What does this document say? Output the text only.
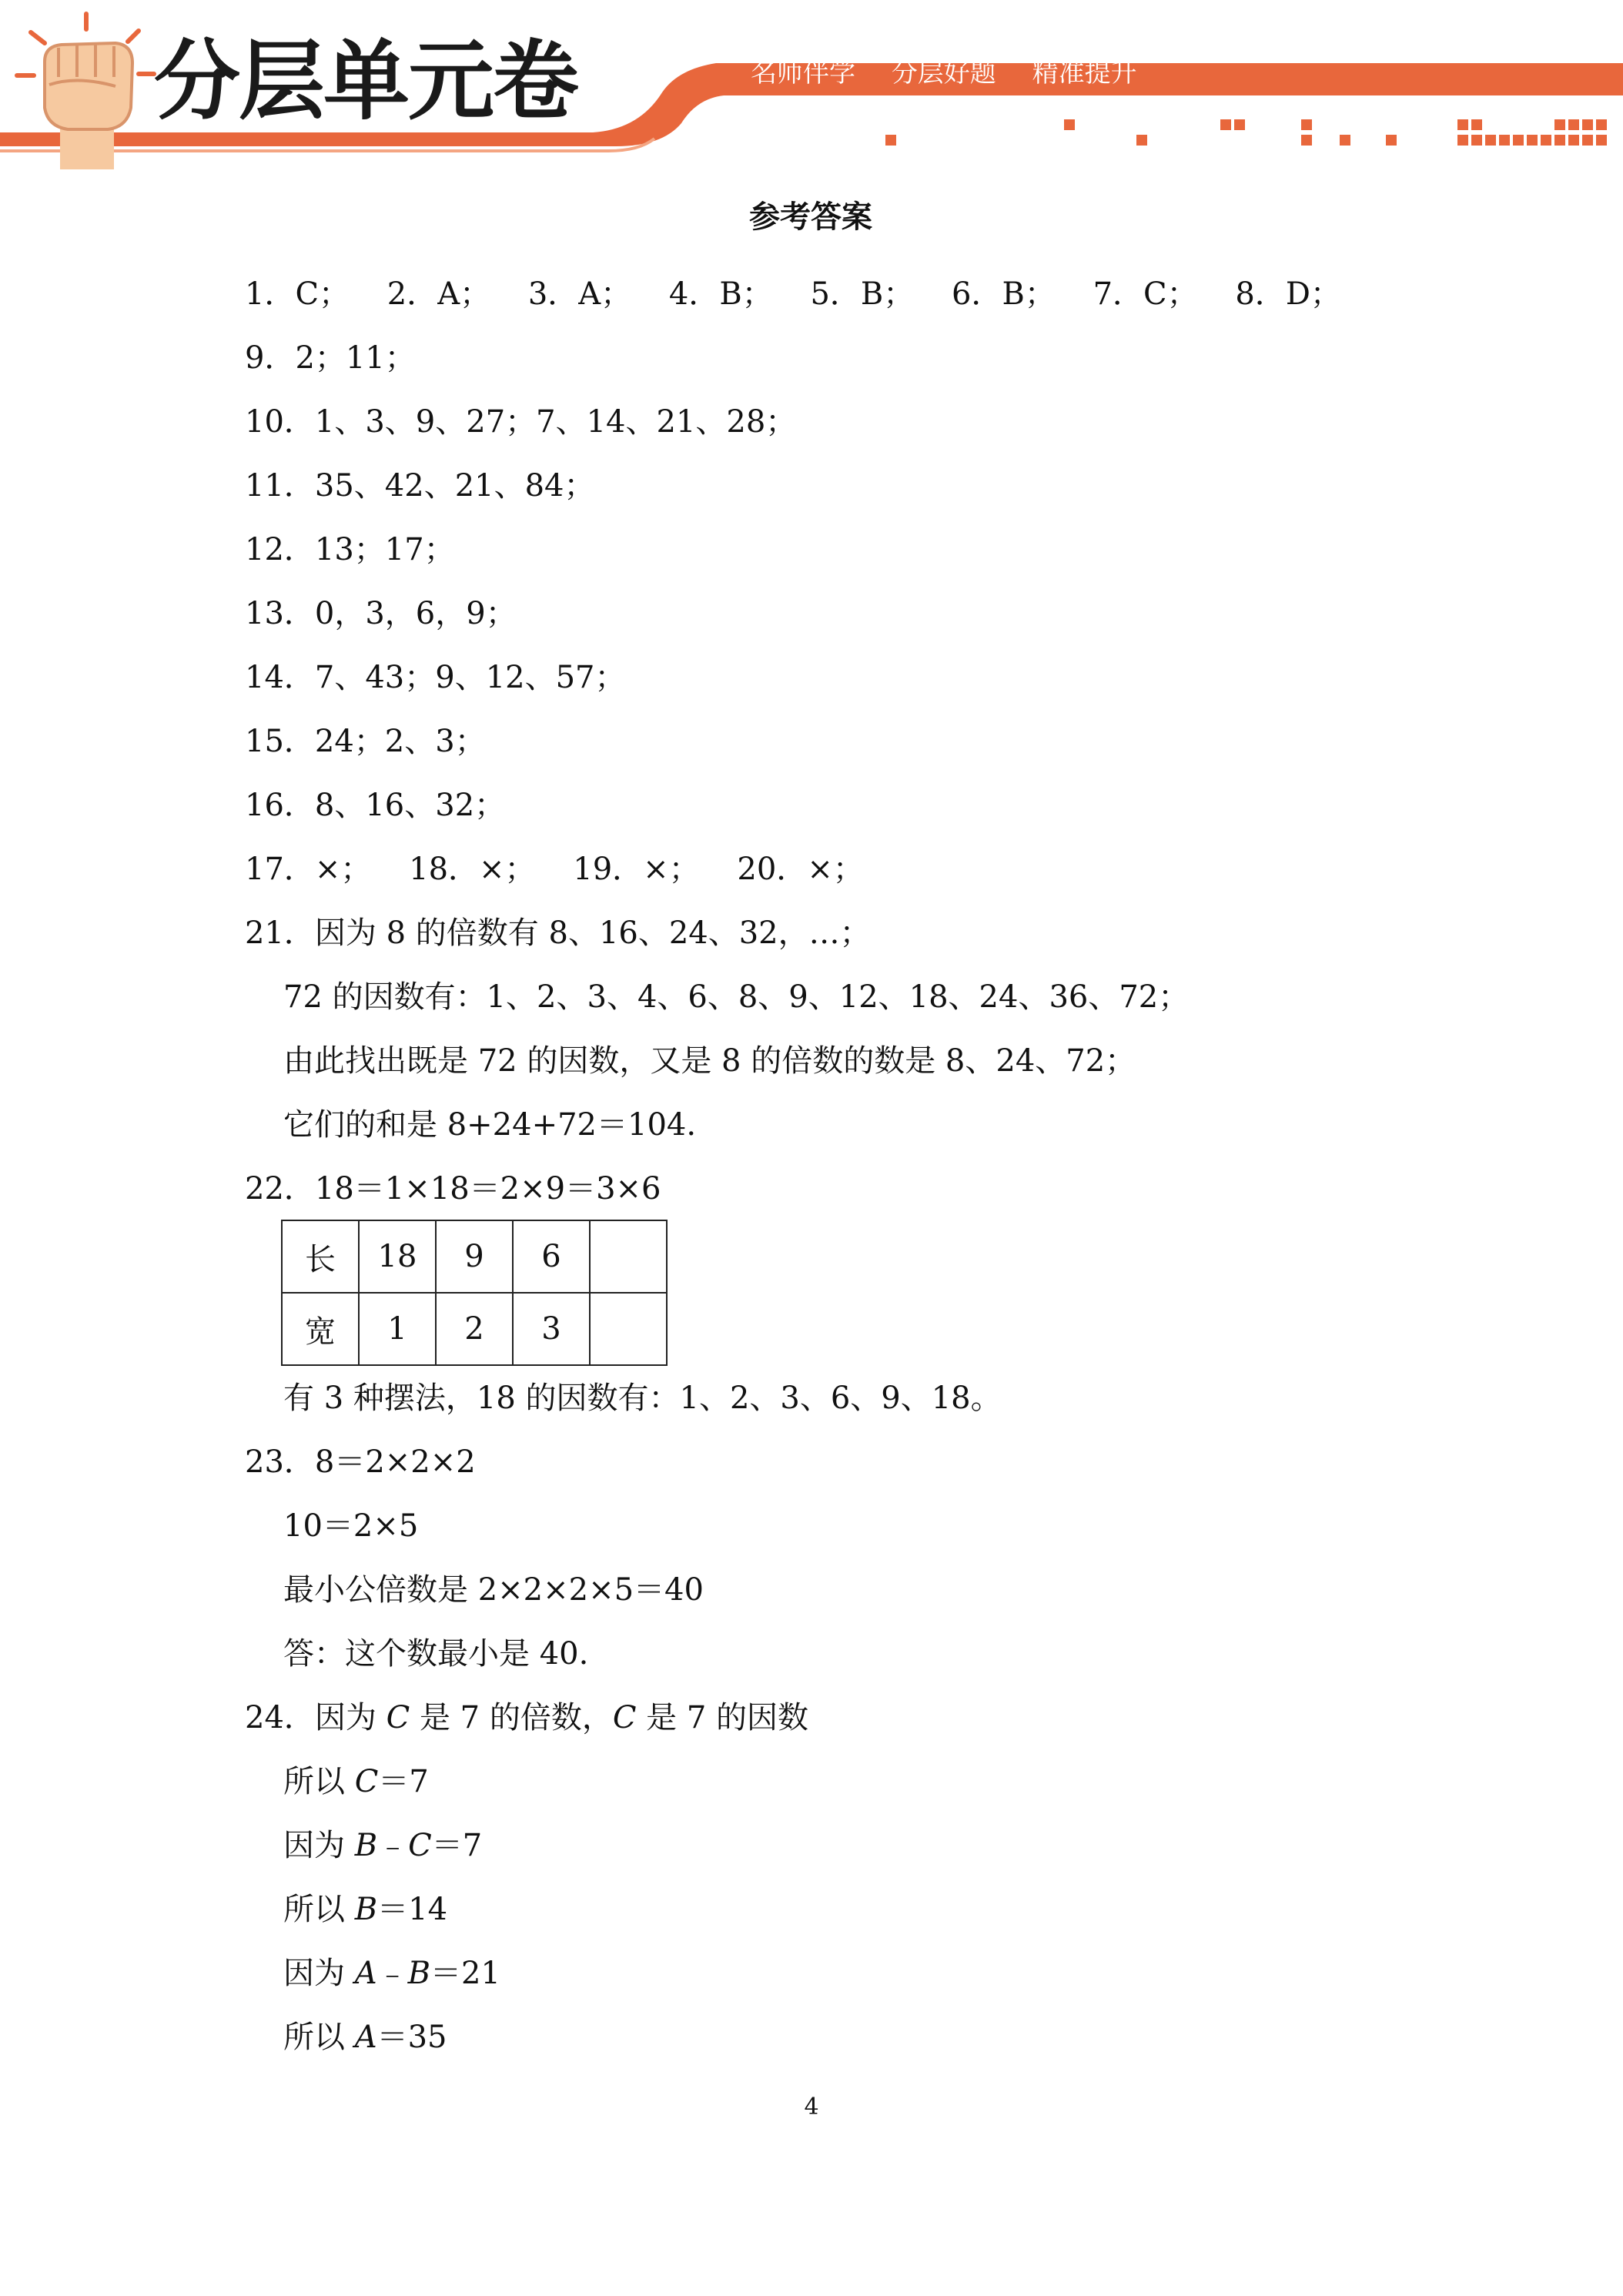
分层单元卷	名师伴学 分层好题 精准提升
参考答案
1．C； 2．A； 3．A； 4．B； 5．B； 6．B； 7．C； 8．D；
9．2；11；
10．1、3、9、27；7、14、21、28；
11．35、42、21、84；
12．13；17；
13．0，3，6，9；
14．7、43；9、12、57；
15．24；2、3；
16．8、16、32；
17．×； 18．×； 19．×； 20．×；
21．因为 8 的倍数有 8、16、24、32，…；
72 的因数有：1、2、3、4、6、8、9、12、18、24、36、72；
由此找出既是 72 的因数，又是 8 的倍数的数是 8、24、72；
它们的和是 8+24+72＝104.
22．18＝1×18＝2×9＝3×6
长	18	9	6	
宽	1	2	3	
有 3 种摆法，18 的因数有：1、2、3、6、9、18。
23．8＝2×2×2
10＝2×5
最小公倍数是 2×2×2×5＝40
答：这个数最小是 40.
24．因为 C 是 7 的倍数，C 是 7 的因数
所以 C＝7
因为 B﹣C＝7
所以 B＝14
因为 A﹣B＝21
所以 A＝35
4
